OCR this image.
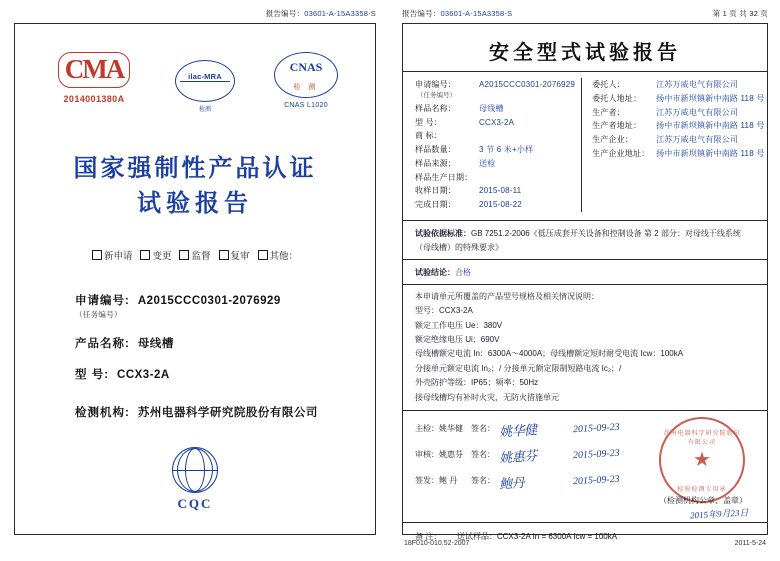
报告编号：03601-A-15A3358-S
CMA
2014001380A
ilac-MRA
检测
CNAS
检 测
CNAS L1020
国家强制性产品认证
试验报告
新申请	变更	监督	复审	其他：
申请编号: A2015CCC0301-2076929
（任务编号）
产品名称: 母线槽
型 号: CCX3-2A
检测机构: 苏州电器科学研究院股份有限公司
CQC
报告编号：03601-A-15A3358-S	第 1 页 共 32 页
安全型式试验报告
申请编号：	A2015CCC0301-2076929
（任务编号）
样品名称：	母线槽
型 号：	CCX3-2A
商 标：
样品数量：	3 节 6 米+小样
样品来源：	送检
样品生产日期：
收样日期：	2015-08-11
完成日期：	2015-08-22
委托人：	江苏万威电气有限公司
委托人地址：	扬中市新坝镇新中南路 118 号
生产者：	江苏万威电气有限公司
生产者地址：	扬中市新坝镇新中南路 118 号
生产企业：	江苏万威电气有限公司
生产企业地址： 扬中市新坝镇新中南路 118 号
试验依据标准：GB 7251.2-2006《低压成套开关设备和控制设备 第 2 部分：对母线干线系统（母线槽）的特殊要求》
试验结论：合格
本申请单元所覆盖的产品型号规格及相关情况说明：
型号：CCX3-2A
额定工作电压 Ue：380V
额定绝缘电压 Ui：690V
母线槽额定电流 In：6300A～4000A；母线槽额定短时耐受电流 Icw：100kA
分接单元额定电流 In₂；/ 分接单元额定限制短路电流 Ic₂；/
外壳防护等级：IP65；频率：50Hz
接母线槽均有补时火灾，无防火措施单元
主检：姚华健	签名： 姚华健	2015-09-23
审核：姚惠芬	签名： 姚惠芬	2015-09-23
签发：鲍 丹	签名： 鲍丹	2015-09-23
苏州电器科学研究院股份有限公司
★
检验检测专用章
（检测机构公章、盖章）
2015年9月23日
备 注：	送试样品：CCX3-2A In = 6300A Icw = 100kA
18F010-010.52-2007	2011-5-24
